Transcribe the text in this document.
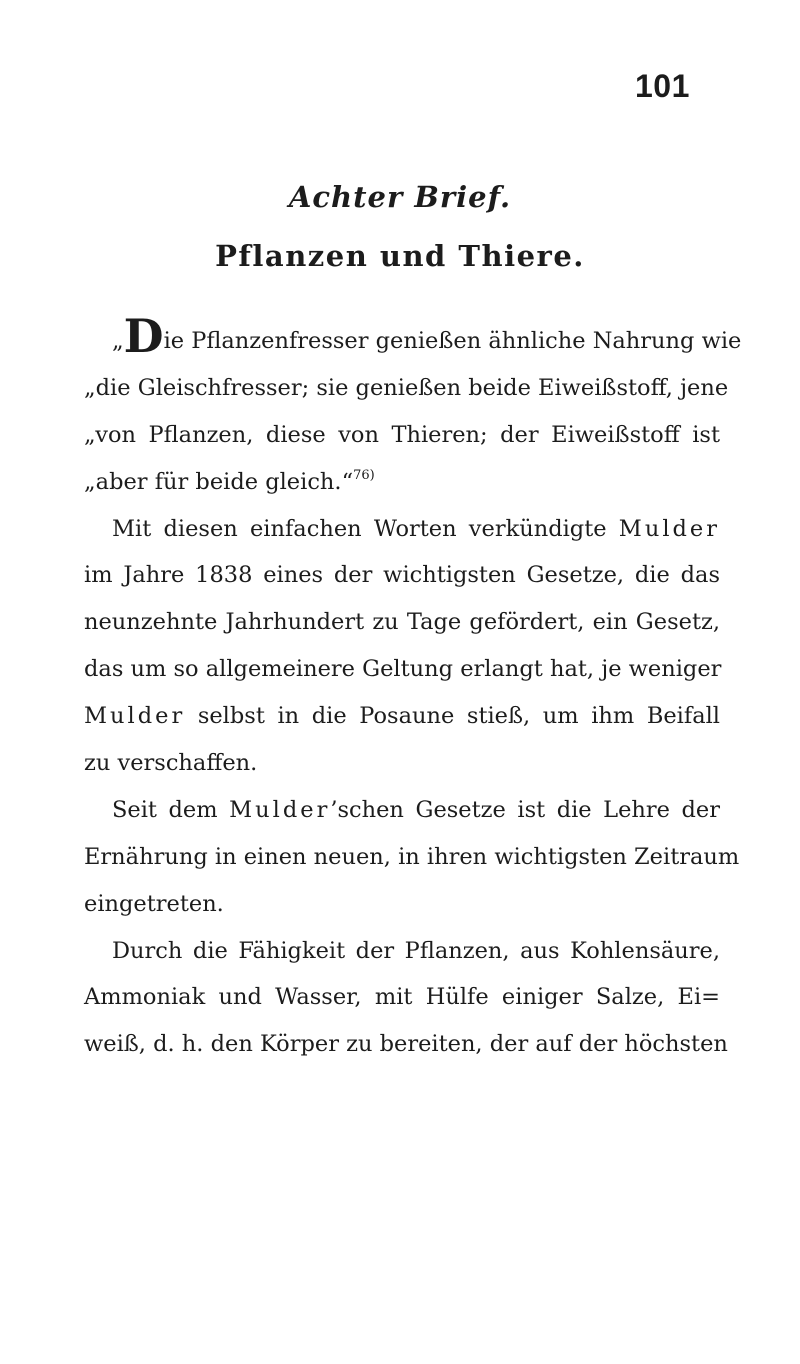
101
Achter Brief.
Pflanzen und Thiere.
„Die Pflanzenfresser genießen ähnliche Nahrung wie
„die Gleischfresser; sie genießen beide Eiweißstoff, jene
„von Pflanzen, diese von Thieren; der Eiweißstoff ist
„aber für beide gleich.“$^{76)}$
Mit diesen einfachen Worten verkündigte Mulder
im Jahre 1838 eines der wichtigsten Gesetze, die das
neunzehnte Jahrhundert zu Tage gefördert, ein Gesetz,
das um so allgemeinere Geltung erlangt hat, je weniger
Mulder selbst in die Posaune stieß, um ihm Beifall
zu verschaffen.
Seit dem Mulder’schen Gesetze ist die Lehre der
Ernährung in einen neuen, in ihren wichtigsten Zeitraum
eingetreten.
Durch die Fähigkeit der Pflanzen, aus Kohlensäure,
Ammoniak und Wasser, mit Hülfe einiger Salze, Ei=
weiß, d. h. den Körper zu bereiten, der auf der höchsten
